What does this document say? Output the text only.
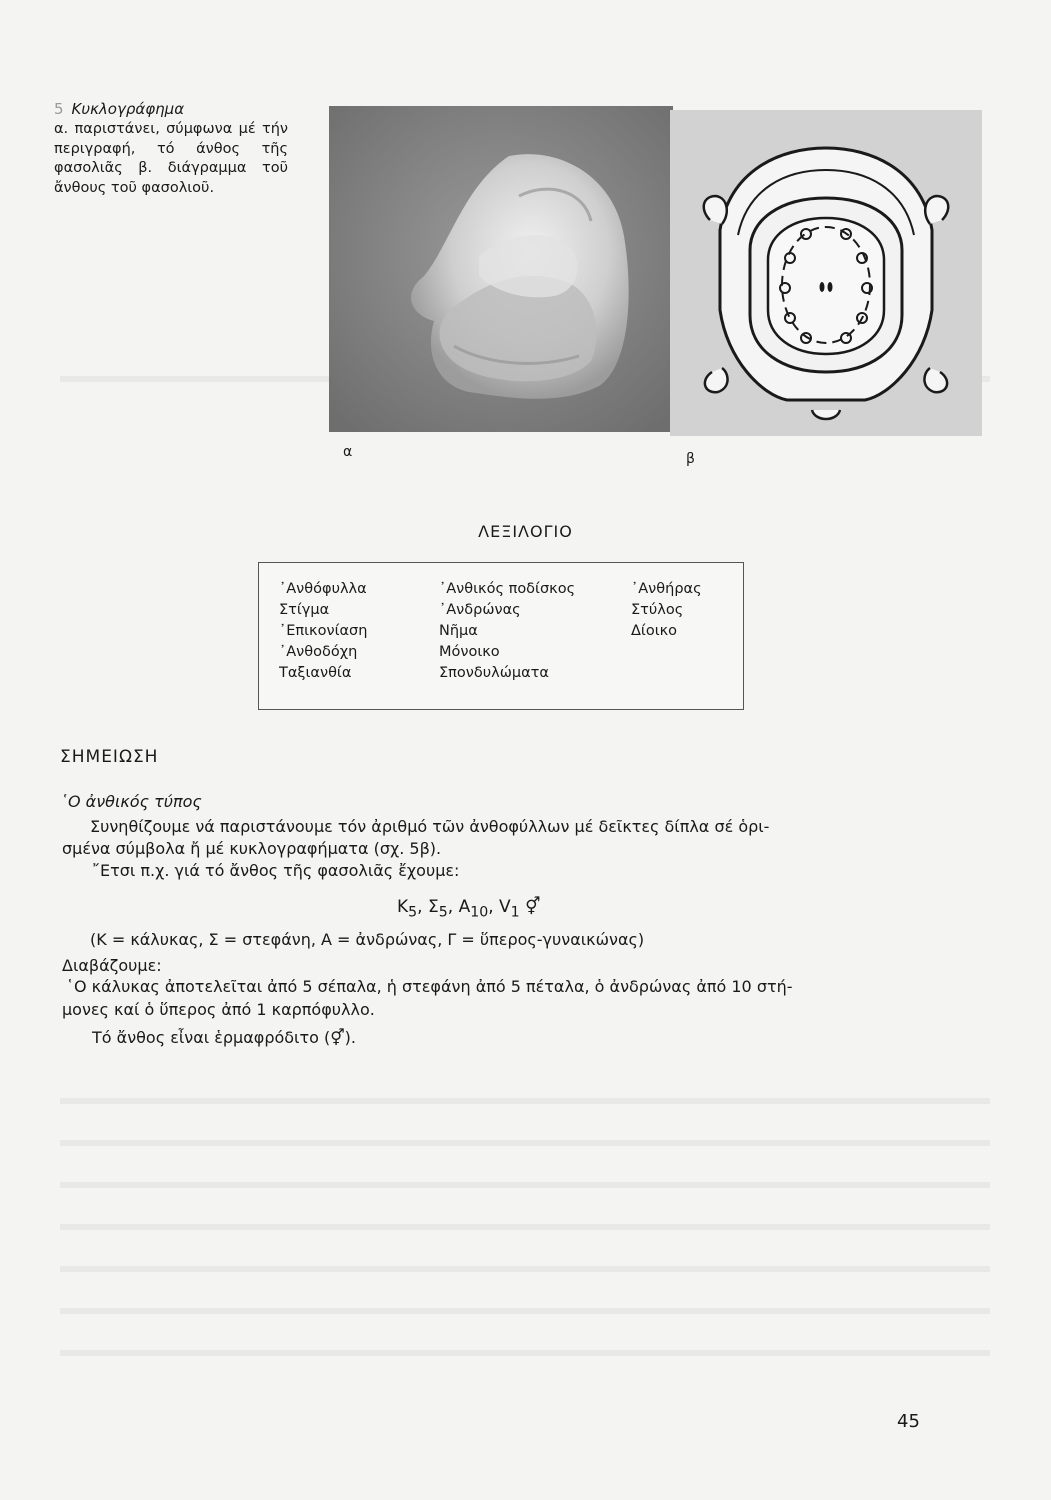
5 Κυκλογράφημα
α. παριστάνει, σύμφωνα μέ τήν περιγραφή, τό άνθος τῆς φασολιᾶς β. διάγραμμα τοῦ ἄνθους τοῦ φασολιοῦ.
α	β
ΛΕΞΙΛΟΓΙΟ
᾽Ανθόφυλλα
Στίγμα
᾽Επικονίαση
᾽Ανθοδόχη
Ταξιανθία
᾽Ανθικός ποδίσκος
᾽Ανδρώνας
Νῆμα
Μόνοικο
Σπονδυλώματα
᾽Ανθήρας
Στύλος
Δίοικο
ΣΗΜΕΙΩΣΗ
῾Ο ἀνθικός τύπος
Συνηθίζουμε νά παριστάνουμε τόν ἀριθμό τῶν ἀνθοφύλλων μέ δεῖκτες δίπλα σέ ὁρι-
σμένα σύμβολα ἤ μέ κυκλογραφήματα (σχ. 5β).
῎Ετσι π.χ. γιά τό ἄνθος τῆς φασολιᾶς ἔχουμε:
$K_5$, $\Sigma_5$, $A_{10}$, $V_1$ ⚥
(Κ = κάλυκας, Σ = στεφάνη, Α = ἀνδρώνας, Γ = ὕπερος-γυναικώνας)
Διαβάζουμε:
῾Ο κάλυκας ἀποτελεῖται ἀπό 5 σέπαλα, ἡ στεφάνη ἀπό 5 πέταλα, ὁ ἀνδρώνας ἀπό 10 στή-
μονες καί ὁ ὕπερος ἀπό 1 καρπόφυλλο.
Τό ἄνθος εἶναι ἑρμαφρόδιτο (⚥).
45
